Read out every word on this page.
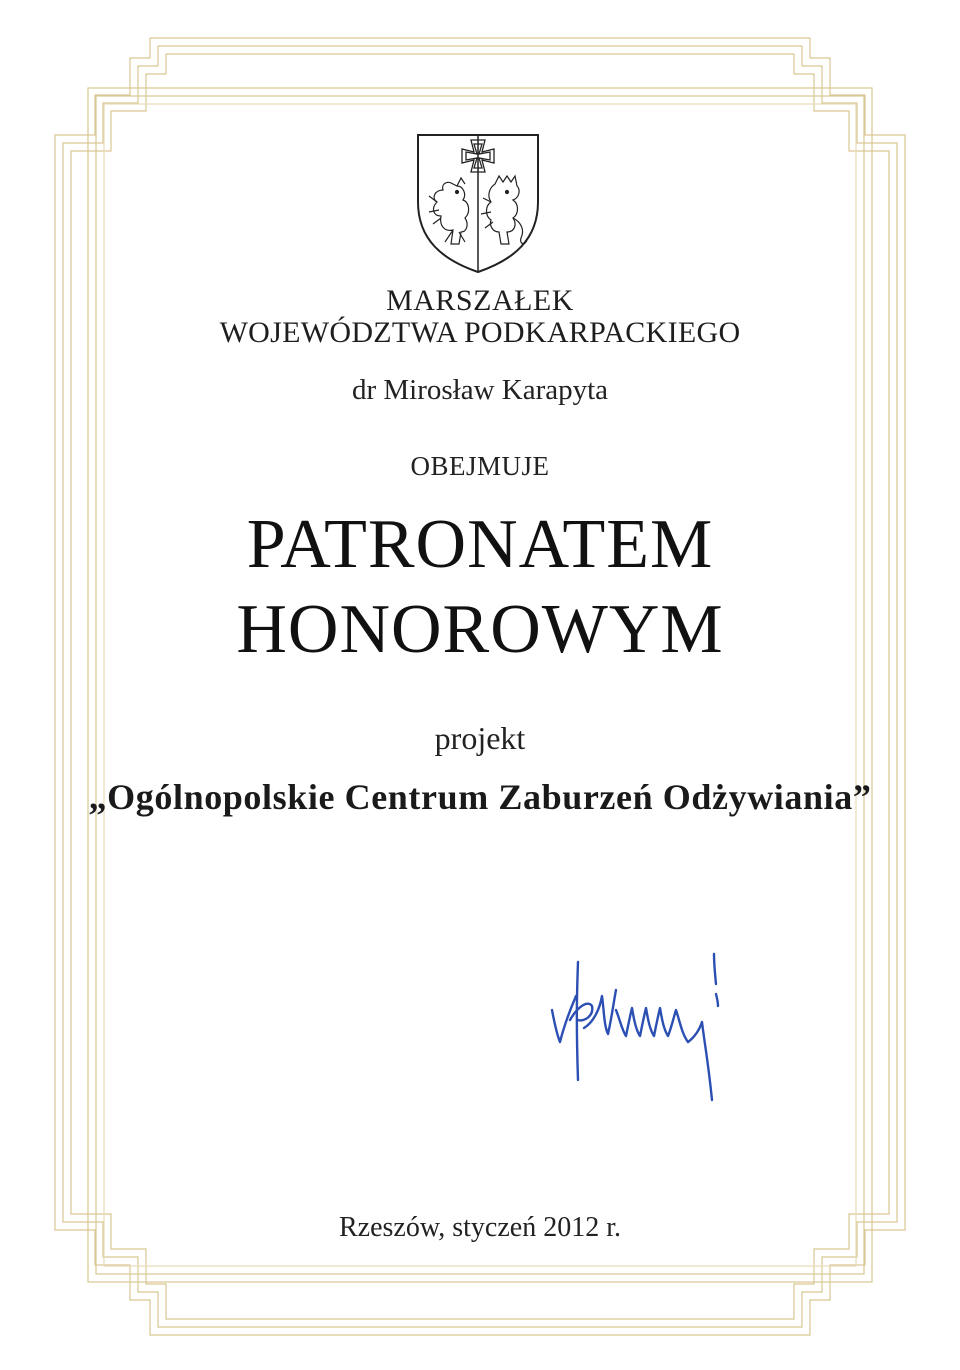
MARSZAŁEK

WOJEWÓDZTWA PODKARPACKIEGO

dr Mirosław Karapyta

OBEJMUJE

PATRONATEM

HONOROWYM

projekt

„Ogólnopolskie Centrum Zaburzeń Odżywiania”

Rzeszów, styczeń 2012 r.
